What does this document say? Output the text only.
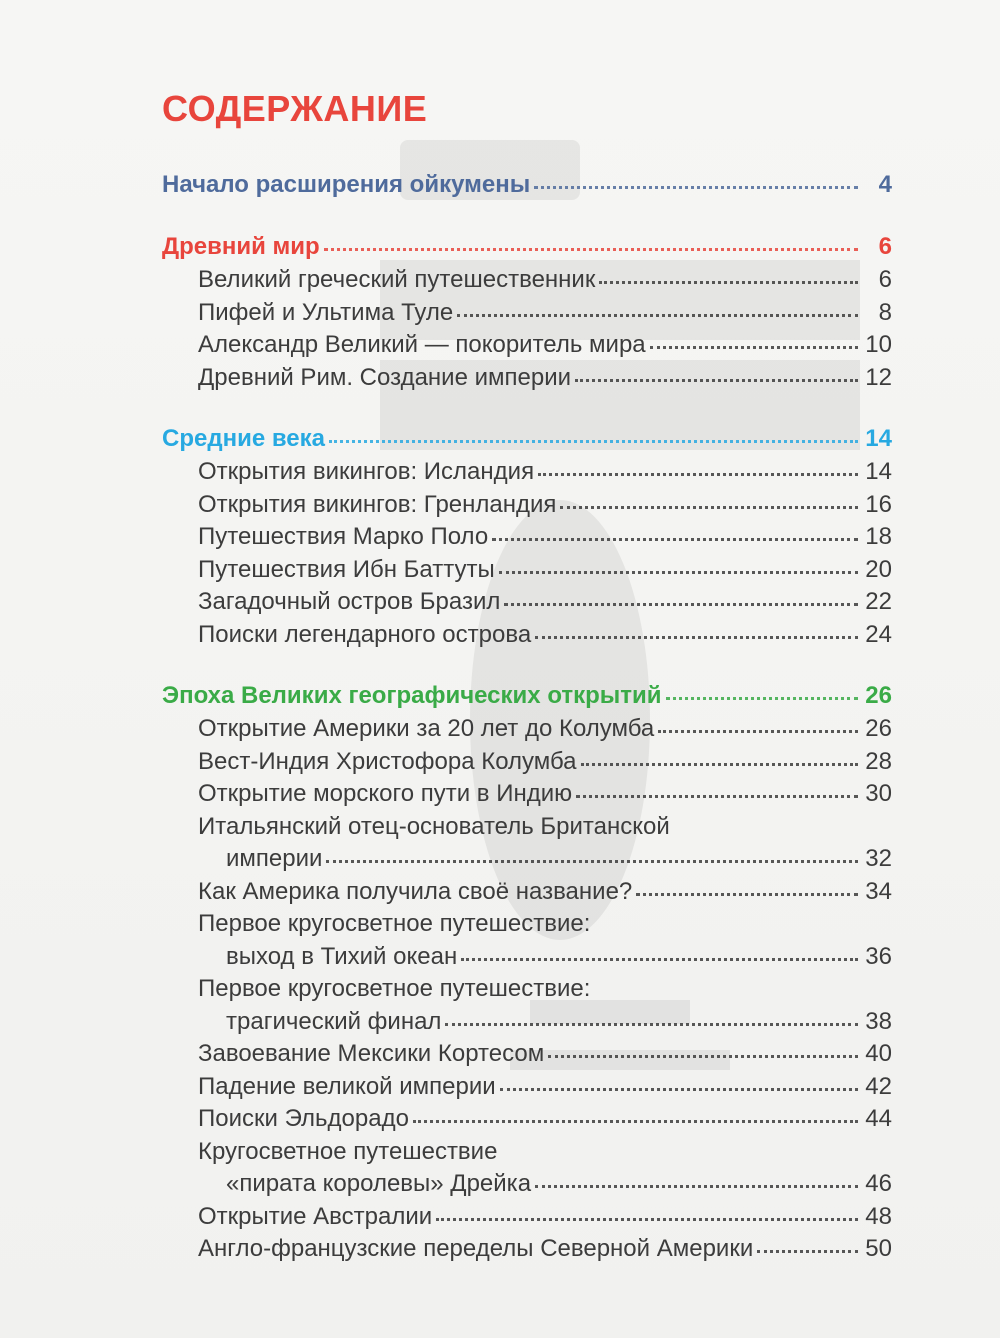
СОДЕРЖАНИЕ
Начало расширения ойкумены	4
Древний мир	6
Великий греческий путешественник	6
Пифей и Ультима Туле	8
Александр Великий — покоритель мира	10
Древний Рим. Создание империи	12
Средние века	14
Открытия викингов: Исландия	14
Открытия викингов: Гренландия	16
Путешествия Марко Поло	18
Путешествия Ибн Баттуты	20
Загадочный остров Бразил	22
Поиски легендарного острова	24
Эпоха Великих географических открытий	26
Открытие Америки за 20 лет до Колумба	26
Вест-Индия Христофора Колумба	28
Открытие морского пути в Индию	30
Итальянский отец-основатель Британской
империи	32
Как Америка получила своё название?	34
Первое кругосветное путешествие:
выход в Тихий океан	36
Первое кругосветное путешествие:
трагический финал	38
Завоевание Мексики Кортесом	40
Падение великой империи	42
Поиски Эльдорадо	44
Кругосветное путешествие
«пирата королевы» Дрейка	46
Открытие Австралии	48
Англо-французские переделы Северной Америки	50
